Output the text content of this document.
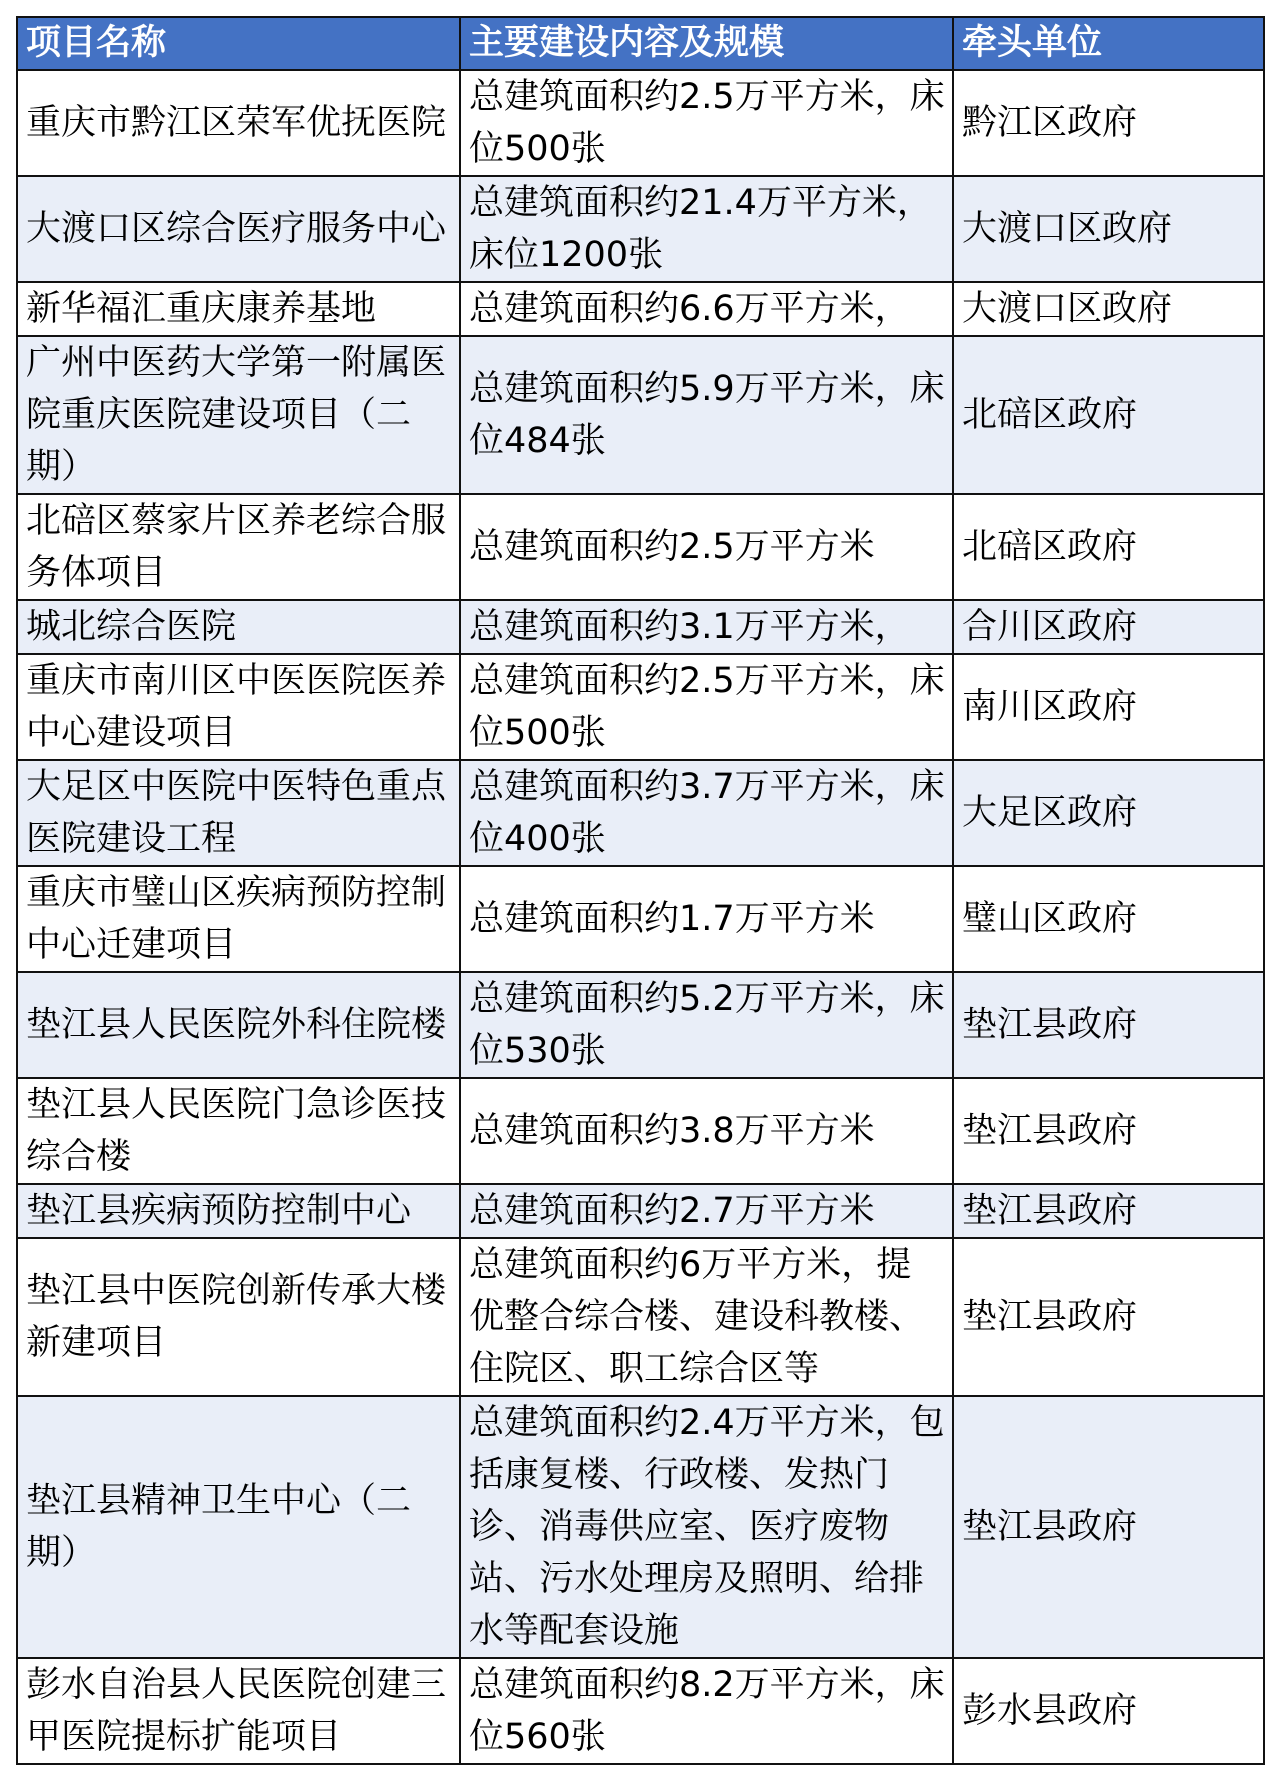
项目名称	主要建设内容及规模	牵头单位
重庆市黔江区荣军优抚医院	总建筑面积约2.5万平方米，床位500张	黔江区政府
大渡口区综合医疗服务中心	总建筑面积约21.4万平方米，床位1200张	大渡口区政府
新华福汇重庆康养基地	总建筑面积约6.6万平方米，	大渡口区政府
广州中医药大学第一附属医院重庆医院建设项目（二期）	总建筑面积约5.9万平方米，床位484张	北碚区政府
北碚区蔡家片区养老综合服务体项目	总建筑面积约2.5万平方米	北碚区政府
城北综合医院	总建筑面积约3.1万平方米，	合川区政府
重庆市南川区中医医院医养中心建设项目	总建筑面积约2.5万平方米，床位500张	南川区政府
大足区中医院中医特色重点医院建设工程	总建筑面积约3.7万平方米，床位400张	大足区政府
重庆市璧山区疾病预防控制中心迁建项目	总建筑面积约1.7万平方米	璧山区政府
垫江县人民医院外科住院楼	总建筑面积约5.2万平方米，床位530张	垫江县政府
垫江县人民医院门急诊医技综合楼	总建筑面积约3.8万平方米	垫江县政府
垫江县疾病预防控制中心	总建筑面积约2.7万平方米	垫江县政府
垫江县中医院创新传承大楼新建项目	总建筑面积约6万平方米，提优整合综合楼、建设科教楼、住院区、职工综合区等	垫江县政府
垫江县精神卫生中心（二期）	总建筑面积约2.4万平方米，包括康复楼、行政楼、发热门诊、消毒供应室、医疗废物站、污水处理房及照明、给排水等配套设施	垫江县政府
彭水自治县人民医院创建三甲医院提标扩能项目	总建筑面积约8.2万平方米，床位560张	彭水县政府
